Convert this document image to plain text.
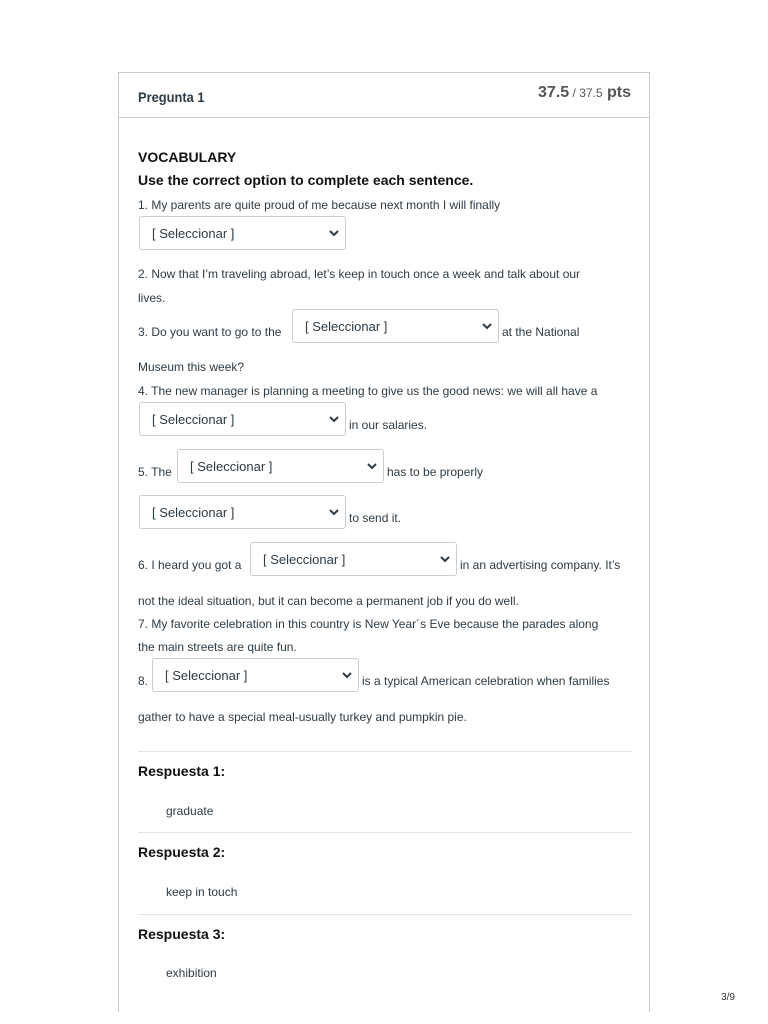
Pregunta 1	37.5 / 37.5 pts
VOCABULARY
Use the correct option to complete each sentence.
1. My parents are quite proud of me because next month I will finally
[ Seleccionar ]
2. Now that I’m traveling abroad, let’s keep in touch once a week and talk about our
lives.
3. Do you want to go to the [ Seleccionar ]	at the National
Museum this week?
4. The new manager is planning a meeting to give us the good news: we will all have a
[ Seleccionar ]	in our salaries.
5. The [ Seleccionar ]	has to be properly
[ Seleccionar ]	to send it.
6. I heard you got a [ Seleccionar ]	in an advertising company. It’s
not the ideal situation, but it can become a permanent job if you do well.
7. My favorite celebration in this country is New Year´s Eve because the parades along
the main streets are quite fun.
8. [ Seleccionar ]	is a typical American celebration when families
gather to have a special meal-usually turkey and pumpkin pie.
Respuesta 1:
graduate
Respuesta 2:
keep in touch
Respuesta 3:
exhibition
3/9
